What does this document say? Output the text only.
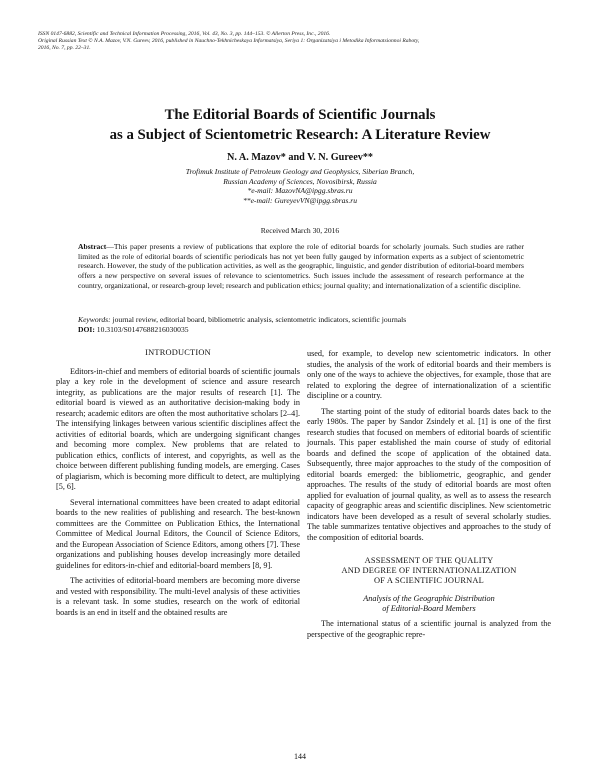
ISSN 0147-6882, Scientific and Technical Information Processing, 2016, Vol. 43, No. 3, pp. 144–153. © Allerton Press, Inc., 2016.
Original Russian Text © N.A. Mazov, V.N. Gureev, 2016, published in Nauchno-Tekhnicheskaya Informatsiya, Seriya 1: Organizatsiya i Metodika Informatsionnoi Raboty,
2016, No. 7, pp. 22–31.
The Editorial Boards of Scientific Journals
as a Subject of Scientometric Research: A Literature Review
N. A. Mazov* and V. N. Gureev**
Trofimuk Institute of Petroleum Geology and Geophysics, Siberian Branch,
Russian Academy of Sciences, Novosibirsk, Russia
*e-mail: MazovNA@ipgg.sbras.ru
**e-mail: GureyevVN@ipgg.sbras.ru
Received March 30, 2016
Abstract—This paper presents a review of publications that explore the role of editorial boards for scholarly journals. Such studies are rather limited as the role of editorial boards of scientific periodicals has not yet been fully gauged by information experts as a subject of scientometric research. However, the study of the publication activities, as well as the geographic, linguistic, and gender distribution of editorial-board members offers a new perspective on several issues of relevance to scientometrics. Such issues include the assessment of research performance at the country, organizational, or research-group level; research and publication ethics; journal quality; and internationalization of a scientific discipline.
Keywords: journal review, editorial board, bibliometric analysis, scientometric indicators, scientific journals
DOI: 10.3103/S0147688216030035
INTRODUCTION

Editors-in-chief and members of editorial boards of scientific journals play a key role in the development of science and assure research integrity, as publications are the major results of research [1]. The editorial board is viewed as an authoritative decision-making body in research; academic editors are often the most authoritative scholars [2–4]. The intensifying linkages between various scientific disciplines affect the activities of editorial boards, which are undergoing significant changes and becoming more complex. New problems that are related to publication ethics, conflicts of interest, and copyrights, as well as the choice between different publishing funding models, are emerging. Cases of plagiarism, which is becoming more difficult to detect, are multiplying [5, 6].

Several international committees have been created to adapt editorial boards to the new realities of publishing and research. The best-known committees are the Committee on Publication Ethics, the International Committee of Medical Journal Editors, the Council of Science Editors, and the European Association of Science Editors, among others [7]. These organizations and publishing houses develop increasingly more detailed guidelines for editors-in-chief and editorial-board members [8, 9].

The activities of editorial-board members are becoming more diverse and vested with responsibility. The multi-level analysis of these activities is a relevant task. In some studies, research on the work of editorial boards is an end in itself and the obtained results are

used, for example, to develop new scientometric indicators. In other studies, the analysis of the work of editorial boards and their members is only one of the ways to achieve the objectives, for example, those that are related to exploring the degree of internationalization of a scientific discipline or a country.

The starting point of the study of editorial boards dates back to the early 1980s. The paper by Sandor Zsindely et al. [1] is one of the first research studies that focused on members of editorial boards of scientific journals. This paper established the main course of study of editorial boards and defined the scope of application of the obtained data. Subsequently, three major approaches to the study of the composition of editorial boards emerged: the bibliometric, geographic, and gender approaches. The results of the study of editorial boards are most often applied for evaluation of journal quality, as well as to assess the research capacity of geographic areas and scientific disciplines. New scientometric indicators have been developed as a result of several scholarly studies. The table summarizes tentative objectives and approaches to the study of the composition of editorial boards.

ASSESSMENT OF THE QUALITY
AND DEGREE OF INTERNATIONALIZATION
OF A SCIENTIFIC JOURNAL
Analysis of the Geographic Distribution
of Editorial-Board Members

The international status of a scientific journal is analyzed from the perspective of the geographic repre-

144
